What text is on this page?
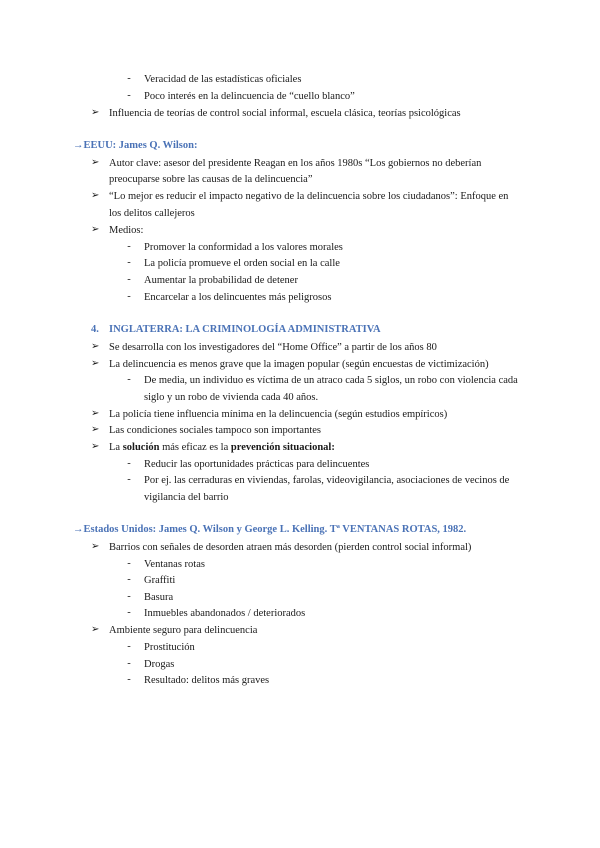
-	Veracidad de las estadísticas oficiales
-	Poco interés en la delincuencia de “cuello blanco”
➢ Influencia de teorías de control social informal, escuela clásica, teorías psicológicas
→EEUU: James Q. Wilson:
➢ Autor clave: asesor del presidente Reagan en los años 1980s “Los gobiernos no deberían
preocuparse sobre las causas de la delincuencia”
➢ “Lo mejor es reducir el impacto negativo de la delincuencia sobre los ciudadanos”: Enfoque en
los delitos callejeros
➢ Medios:
-	Promover la conformidad a los valores morales
-	La policía promueve el orden social en la calle
-	Aumentar la probabilidad de detener
-	Encarcelar a los delincuentes más peligrosos
4. INGLATERRA: LA CRIMINOLOGÍA ADMINISTRATIVA
➢ Se desarrolla con los investigadores del “Home Office” a partir de los años 80
➢ La delincuencia es menos grave que la imagen popular (según encuestas de victimización)
-	De media, un individuo es víctima de un atraco cada 5 siglos, un robo con violencia cada
siglo y un robo de vivienda cada 40 años.
➢ La policía tiene influencia mínima en la delincuencia (según estudios empíricos)
➢ Las condiciones sociales tampoco son importantes
➢ La solución más eficaz es la prevención situacional:
-	Reducir las oportunidades prácticas para delincuentes
-	Por ej. las cerraduras en viviendas, farolas, videovigilancia, asociaciones de vecinos de
vigilancia del barrio
→Estados Unidos: James Q. Wilson y George L. Kelling. Tª VENTANAS ROTAS, 1982.
➢ Barrios con señales de desorden atraen más desorden (pierden control social informal)
-	Ventanas rotas
-	Graffiti
-	Basura
-	Inmuebles abandonados / deteriorados
➢ Ambiente seguro para delincuencia
-	Prostitución
-	Drogas
-	Resultado: delitos más graves
